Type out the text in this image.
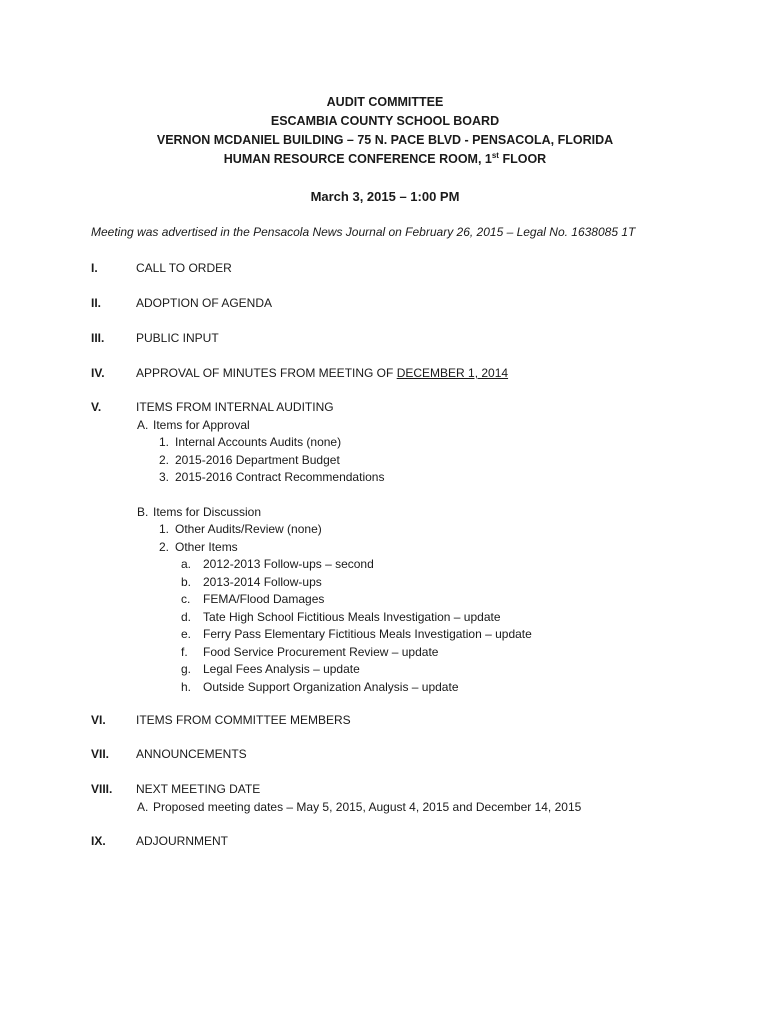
AUDIT COMMITTEE
ESCAMBIA COUNTY SCHOOL BOARD
VERNON MCDANIEL BUILDING – 75 N. PACE BLVD - PENSACOLA, FLORIDA
HUMAN RESOURCE CONFERENCE ROOM, 1st FLOOR
March 3, 2015 – 1:00 PM
Meeting was advertised in the Pensacola News Journal on February 26, 2015 – Legal No. 1638085 1T
I.	CALL TO ORDER
II.	ADOPTION OF AGENDA
III.	PUBLIC INPUT
IV.	APPROVAL OF MINUTES FROM MEETING OF DECEMBER 1, 2014
V.	ITEMS FROM INTERNAL AUDITING
A. Items for Approval
1. Internal Accounts Audits (none)
2. 2015-2016 Department Budget
3. 2015-2016 Contract Recommendations
B. Items for Discussion
1. Other Audits/Review (none)
2. Other Items
a. 2012-2013 Follow-ups – second
b. 2013-2014 Follow-ups
c. FEMA/Flood Damages
d. Tate High School Fictitious Meals Investigation – update
e. Ferry Pass Elementary Fictitious Meals Investigation – update
f. Food Service Procurement Review – update
g. Legal Fees Analysis – update
h. Outside Support Organization Analysis – update
VI.	ITEMS FROM COMMITTEE MEMBERS
VII. ANNOUNCEMENTS
VIII. NEXT MEETING DATE
A. Proposed meeting dates – May 5, 2015, August 4, 2015 and December 14, 2015
IX.	ADJOURNMENT
